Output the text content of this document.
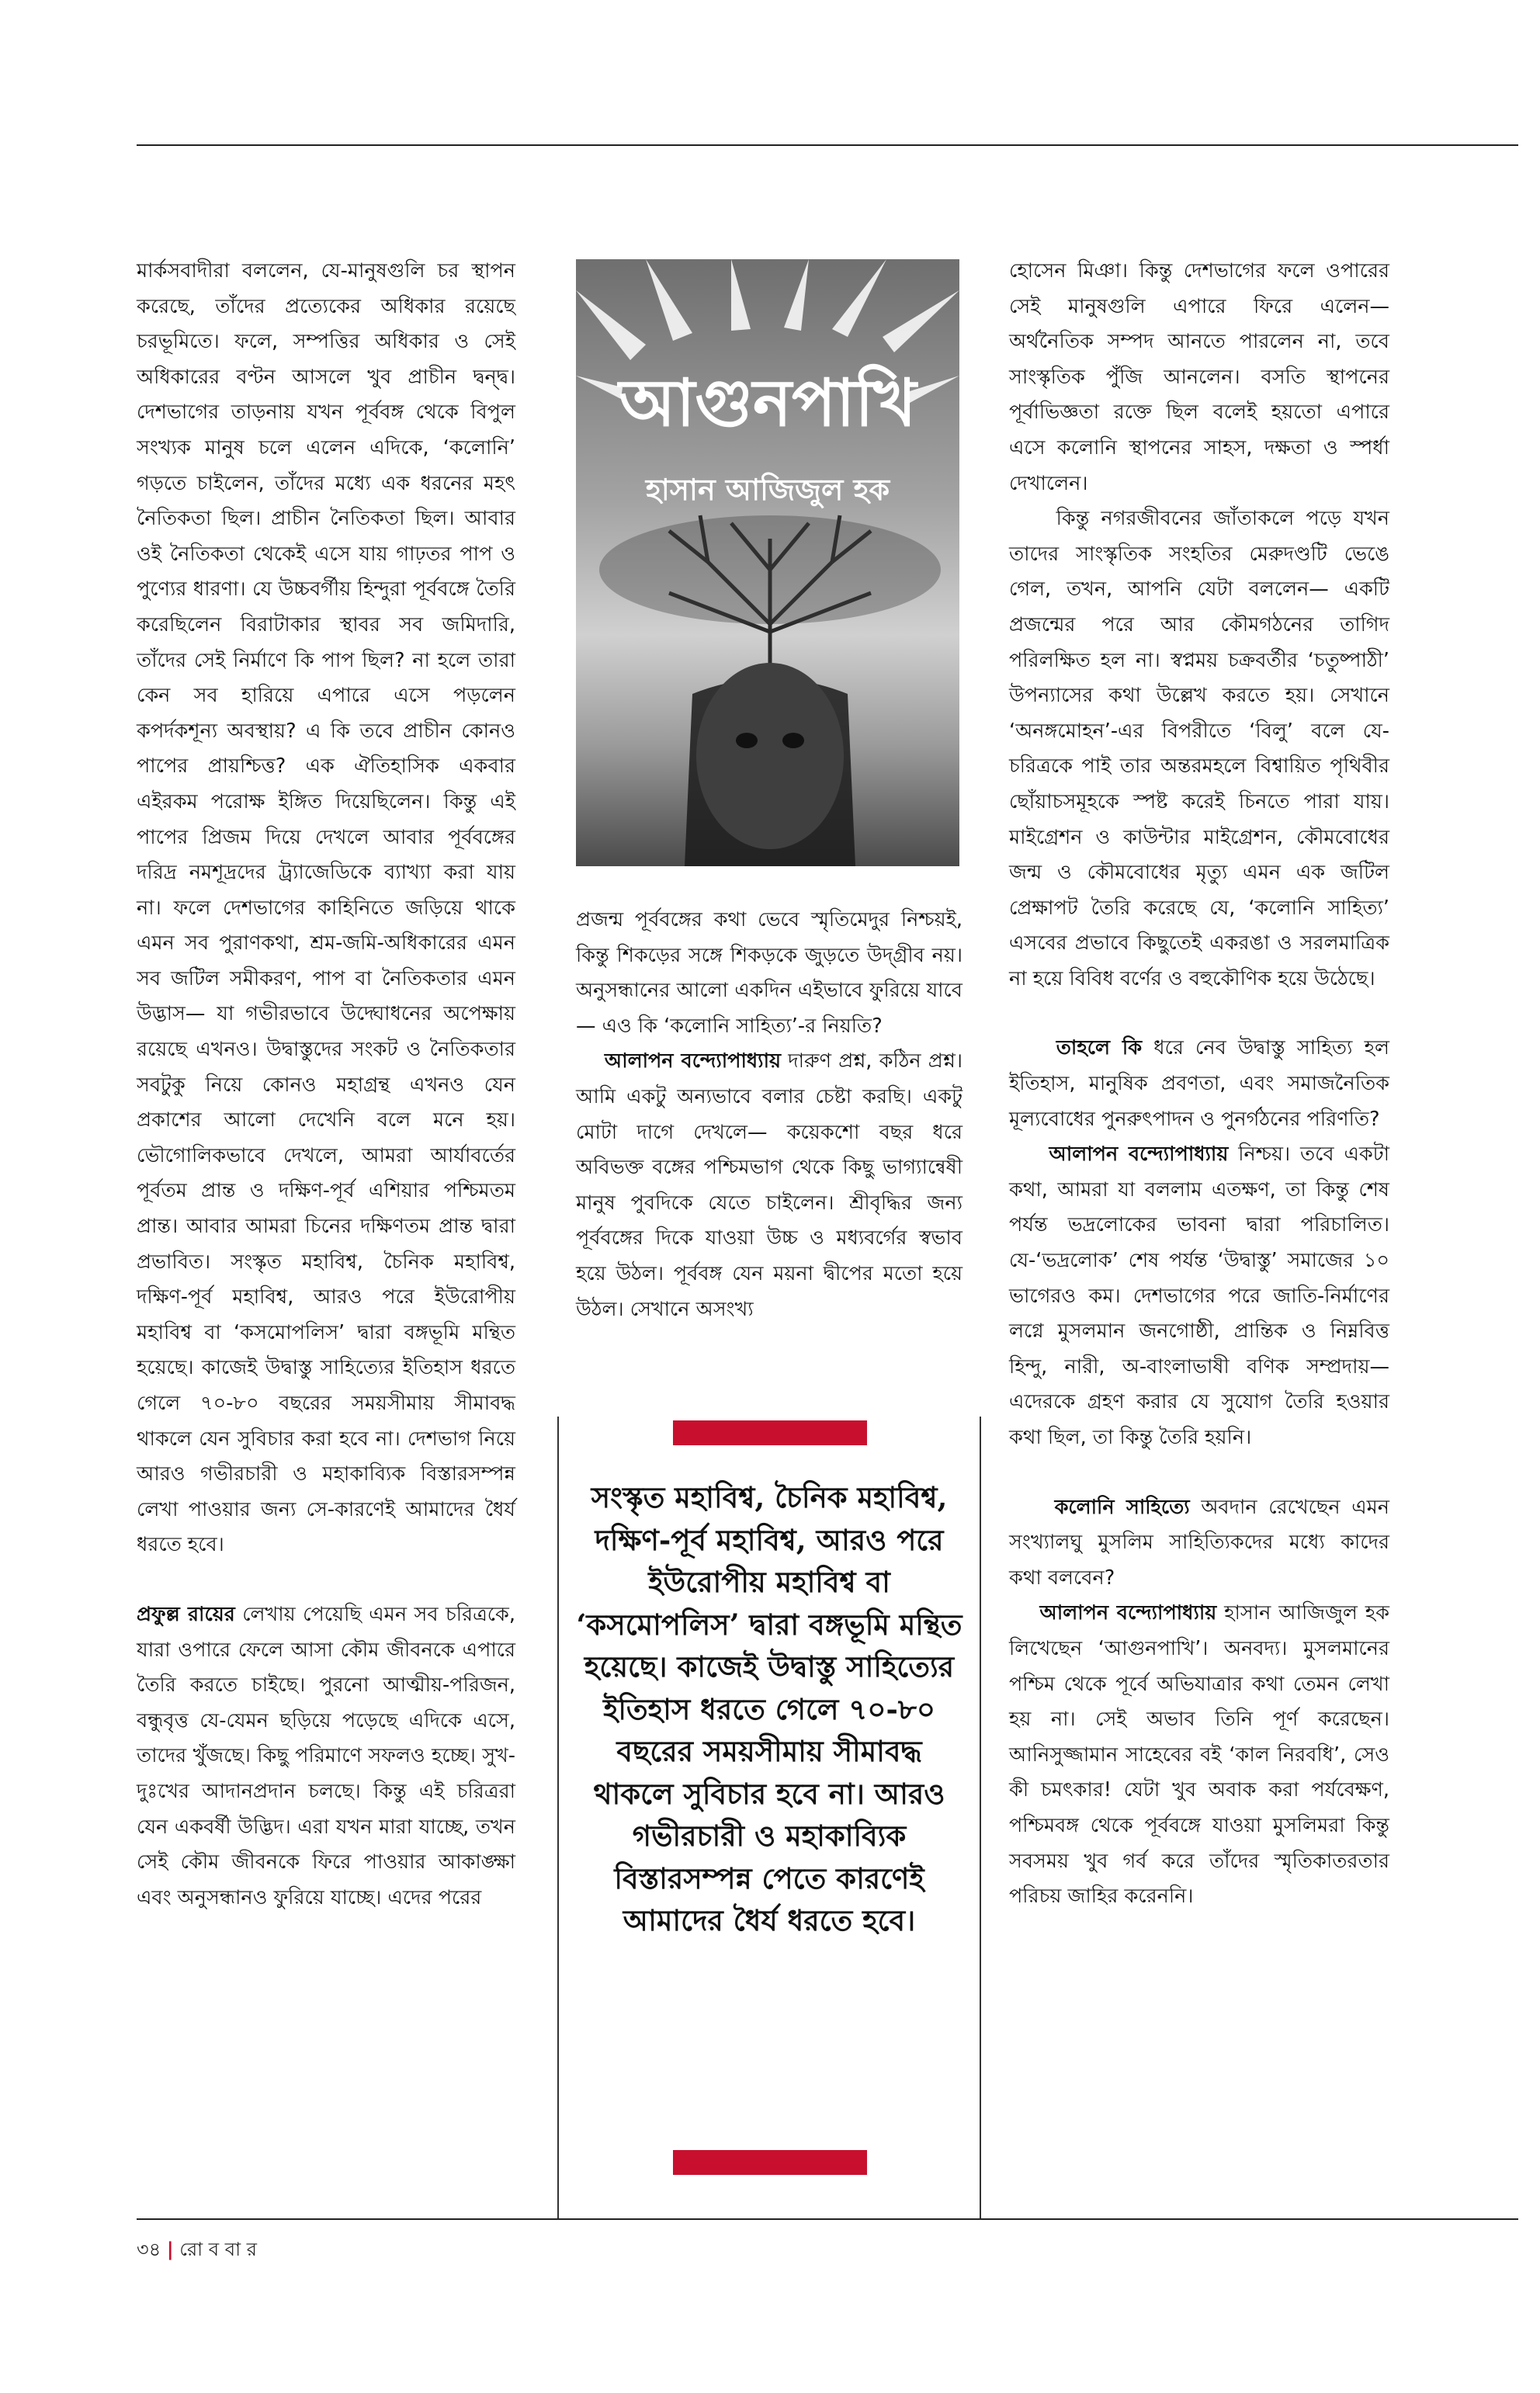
মার্কসবাদীরা বললেন, যে-মানুষগুলি চর স্থাপন করেছে, তাঁদের প্রত্যেকের অধিকার রয়েছে চরভূমিতে। ফলে, সম্পত্তির অধিকার ও সেই অধিকারের বণ্টন আসলে খুব প্রাচীন দ্বন্দ্ব। দেশভাগের তাড়নায় যখন পূর্ববঙ্গ থেকে বিপুল সংখ্যক মানুষ চলে এলেন এদিকে, ‘কলোনি’ গড়তে চাইলেন, তাঁদের মধ্যে এক ধরনের মহৎ নৈতিকতা ছিল। প্রাচীন নৈতিকতা ছিল। আবার ওই নৈতিকতা থেকেই এসে যায় গাঢ়তর পাপ ও পুণ্যের ধারণা। যে উচ্চবর্গীয় হিন্দুরা পূর্ববঙ্গে তৈরি করেছিলেন বিরাটাকার স্থাবর সব জমিদারি, তাঁদের সেই নির্মাণে কি পাপ ছিল? না হলে তারা কেন সব হারিয়ে এপারে এসে পড়লেন কপর্দকশূন্য অবস্থায়? এ কি তবে প্রাচীন কোনও পাপের প্রায়শ্চিত্ত? এক ঐতিহাসিক একবার এইরকম পরোক্ষ ইঙ্গিত দিয়েছিলেন। কিন্তু এই পাপের প্রিজম দিয়ে দেখলে আবার পূর্ববঙ্গের দরিদ্র নমশূদ্রদের ট্র্যাজেডিকে ব্যাখ্যা করা যায় না। ফলে দেশভাগের কাহিনিতে জড়িয়ে থাকে এমন সব পুরাণকথা, শ্রম-জমি-অধিকারের এমন সব জটিল সমীকরণ, পাপ বা নৈতিকতার এমন উদ্ভাস— যা গভীরভাবে উদ্ঘোধনের অপেক্ষায় রয়েছে এখনও। উদ্বাস্তুদের সংকট ও নৈতিকতার সবটুকু নিয়ে কোনও মহাগ্রন্থ এখনও যেন প্রকাশের আলো দেখেনি বলে মনে হয়। ভৌগোলিকভাবে দেখলে, আমরা আর্যাবর্তের পূর্বতম প্রান্ত ও দক্ষিণ-পূর্ব এশিয়ার পশ্চিমতম প্রান্ত। আবার আমরা চিনের দক্ষিণতম প্রান্ত দ্বারা প্রভাবিত। সংস্কৃত মহাবিশ্ব, চৈনিক মহাবিশ্ব, দক্ষিণ-পূর্ব মহাবিশ্ব, আরও পরে ইউরোপীয় মহাবিশ্ব বা ‘কসমোপলিস’ দ্বারা বঙ্গভূমি মন্থিত হয়েছে। কাজেই উদ্বাস্তু সাহিত্যের ইতিহাস ধরতে গেলে ৭০-৮০ বছরের সময়সীমায় সীমাবদ্ধ থাকলে যেন সুবিচার করা হবে না। দেশভাগ নিয়ে আরও গভীরচারী ও মহাকাব্যিক বিস্তারসম্পন্ন লেখা পাওয়ার জন্য সে-কারণেই আমাদের ধৈর্য ধরতে হবে।

প্রফুল্ল রায়ের লেখায় পেয়েছি এমন সব চরিত্রকে, যারা ওপারে ফেলে আসা কৌম জীবনকে এপারে তৈরি করতে চাইছে। পুরনো আত্মীয়-পরিজন, বন্ধুবৃত্ত যে-যেমন ছড়িয়ে পড়েছে এদিকে এসে, তাদের খুঁজছে। কিছু পরিমাণে সফলও হচ্ছে। সুখ-দুঃখের আদানপ্রদান চলছে। কিন্তু এই চরিত্ররা যেন একবর্ষী উদ্ভিদ। এরা যখন মারা যাচ্ছে, তখন সেই কৌম জীবনকে ফিরে পাওয়ার আকাঙ্ক্ষা এবং অনুসন্ধানও ফুরিয়ে যাচ্ছে। এদের পরের

আগুনপাখি
হাসান আজিজুল হক

প্রজন্ম পূর্ববঙ্গের কথা ভেবে স্মৃতিমেদুর নিশ্চয়ই, কিন্তু শিকড়ের সঙ্গে শিকড়কে জুড়তে উদ্গ্রীব নয়। অনুসন্ধানের আলো একদিন এইভাবে ফুরিয়ে যাবে— এও কি ‘কলোনি সাহিত্য’-র নিয়তি?

আলাপন বন্দ্যোপাধ্যায় দারুণ প্রশ্ন, কঠিন প্রশ্ন। আমি একটু অন্যভাবে বলার চেষ্টা করছি। একটু মোটা দাগে দেখলে— কয়েকশো বছর ধরে অবিভক্ত বঙ্গের পশ্চিমভাগ থেকে কিছু ভাগ্যান্বেষী মানুষ পুবদিকে যেতে চাইলেন। শ্রীবৃদ্ধির জন্য পূর্ববঙ্গের দিকে যাওয়া উচ্চ ও মধ্যবর্গের স্বভাব হয়ে উঠল। পূর্ববঙ্গ যেন ময়না দ্বীপের মতো হয়ে উঠল। সেখানে অসংখ্য

সংস্কৃত মহাবিশ্ব, চৈনিক মহাবিশ্ব, দক্ষিণ-পূর্ব মহাবিশ্ব, আরও পরে ইউরোপীয় মহাবিশ্ব বা ‘কসমোপলিস’ দ্বারা বঙ্গভূমি মন্থিত হয়েছে। কাজেই উদ্বাস্তু সাহিত্যের ইতিহাস ধরতে গেলে ৭০-৮০ বছরের সময়সীমায় সীমাবদ্ধ থাকলে সুবিচার হবে না। আরও গভীরচারী ও মহাকাব্যিক বিস্তারসম্পন্ন পেতে কারণেই আমাদের ধৈর্য ধরতে হবে।

হোসেন মিঞা। কিন্তু দেশভাগের ফলে ওপারের সেই মানুষগুলি এপারে ফিরে এলেন— অর্থনৈতিক সম্পদ আনতে পারলেন না, তবে সাংস্কৃতিক পুঁজি আনলেন। বসতি স্থাপনের পূর্বাভিজ্ঞতা রক্তে ছিল বলেই হয়তো এপারে এসে কলোনি স্থাপনের সাহস, দক্ষতা ও স্পর্ধা দেখালেন।

কিন্তু নগরজীবনের জাঁতাকলে পড়ে যখন তাদের সাংস্কৃতিক সংহতির মেরুদণ্ডটি ভেঙে গেল, তখন, আপনি যেটা বললেন— একটি প্রজন্মের পরে আর কৌমগঠনের তাগিদ পরিলক্ষিত হল না। স্বপ্নময় চক্রবর্তীর ‘চতুষ্পাঠী’ উপন্যাসের কথা উল্লেখ করতে হয়। সেখানে ‘অনঙ্গমোহন’-এর বিপরীতে ‘বিলু’ বলে যে-চরিত্রকে পাই তার অন্তরমহলে বিশ্বায়িত পৃথিবীর ছোঁয়াচসমূহকে স্পষ্ট করেই চিনতে পারা যায়। মাইগ্রেশন ও কাউন্টার মাইগ্রেশন, কৌমবোধের জন্ম ও কৌমবোধের মৃত্যু এমন এক জটিল প্রেক্ষাপট তৈরি করেছে যে, ‘কলোনি সাহিত্য’ এসবের প্রভাবে কিছুতেই একরঙা ও সরলমাত্রিক না হয়ে বিবিধ বর্ণের ও বহুকৌণিক হয়ে উঠেছে।

তাহলে কি ধরে নেব উদ্বাস্তু সাহিত্য হল ইতিহাস, মানুষিক প্রবণতা, এবং সমাজনৈতিক মূল্যবোধের পুনরুৎপাদন ও পুনর্গঠনের পরিণতি?

আলাপন বন্দ্যোপাধ্যায় নিশ্চয়। তবে একটা কথা, আমরা যা বললাম এতক্ষণ, তা কিন্তু শেষ পর্যন্ত ভদ্রলোকের ভাবনা দ্বারা পরিচালিত। যে-‘ভদ্রলোক’ শেষ পর্যন্ত ‘উদ্বাস্তু’ সমাজের ১০ ভাগেরও কম। দেশভাগের পরে জাতি-নির্মাণের লগ্নে মুসলমান জনগোষ্ঠী, প্রান্তিক ও নিম্নবিত্ত হিন্দু, নারী, অ-বাংলাভাষী বণিক সম্প্রদায়— এদেরকে গ্রহণ করার যে সুযোগ তৈরি হওয়ার কথা ছিল, তা কিন্তু তৈরি হয়নি।

কলোনি সাহিত্যে অবদান রেখেছেন এমন সংখ্যালঘু মুসলিম সাহিত্যিকদের মধ্যে কাদের কথা বলবেন?

আলাপন বন্দ্যোপাধ্যায় হাসান আজিজুল হক লিখেছেন ‘আগুনপাখি’। অনবদ্য। মুসলমানের পশ্চিম থেকে পূর্বে অভিযাত্রার কথা তেমন লেখা হয় না। সেই অভাব তিনি পূর্ণ করেছেন। আনিসুজ্জামান সাহেবের বই ‘কাল নিরবধি’, সেও কী চমৎকার! যেটা খুব অবাক করা পর্যবেক্ষণ, পশ্চিমবঙ্গ থেকে পূর্ববঙ্গে যাওয়া মুসলিমরা কিন্তু সবসময় খুব গর্ব করে তাঁদের স্মৃতিকাতরতার পরিচয় জাহির করেননি।

৩৪ | রো ব বা র
